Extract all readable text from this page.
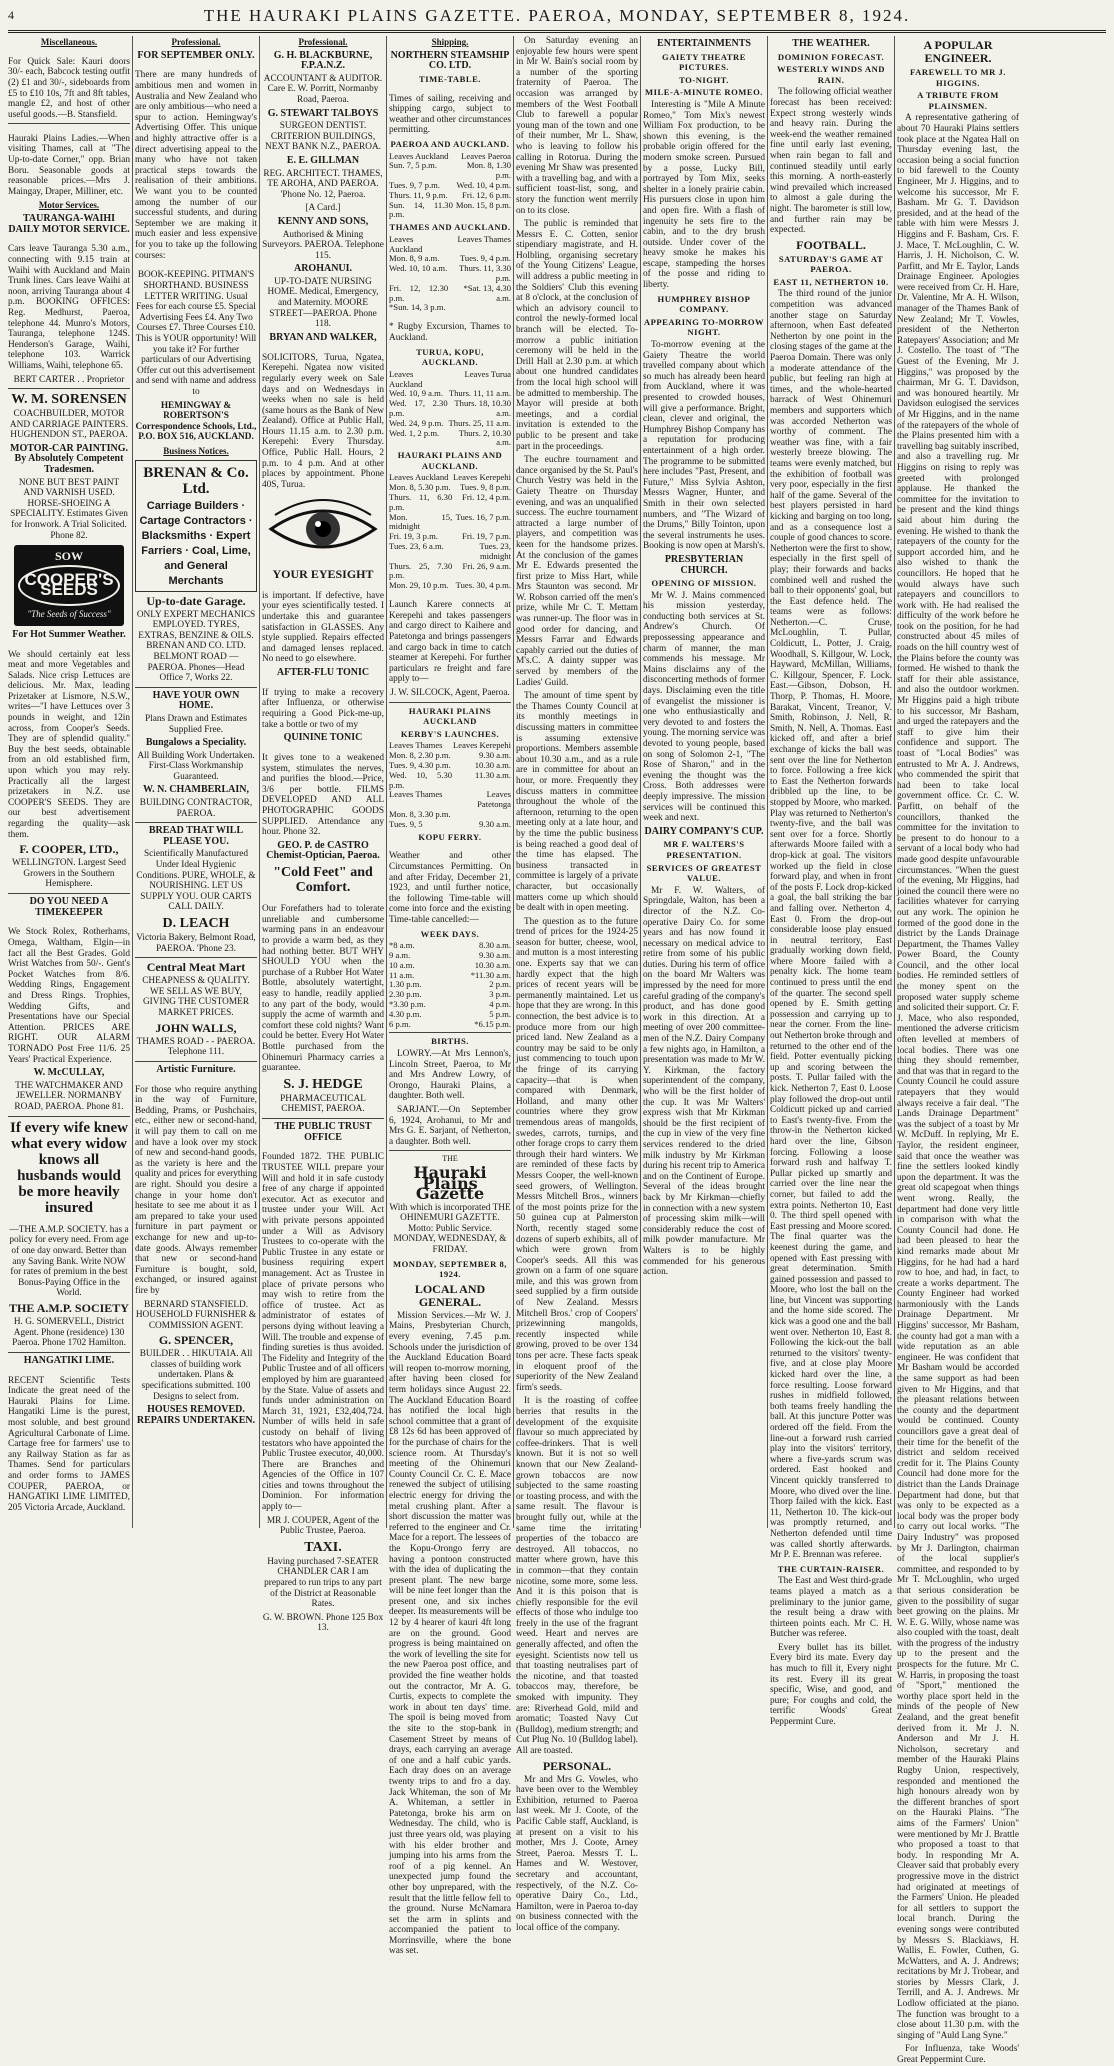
4	THE HAURAKI PLAINS GAZETTE. PAEROA, MONDAY, SEPTEMBER 8, 1924.
Miscellaneous.

For Quick Sale: Kauri doors 30/- each, Babcock testing outfit (2) £1 and 30/-, sideboards from £5 to £10 10s, 7ft and 8ft tables, mangle £2, and host of other useful goods.—B. Stansfield.

Hauraki Plains Ladies.—When visiting Thames, call at "The Up-to-date Corner," opp. Brian Boru. Seasonable goods at reasonable prices.—Mrs J. Maingay, Draper, Milliner, etc.

Motor Services.
TAURANGA-WAIHI DAILY MOTOR SERVICE.

Cars leave Tauranga 5.30 a.m., connecting with 9.15 train at Waihi with Auckland and Main Trunk lines. Cars leave Waihi at noon, arriving Tauranga about 4 p.m. BOOKING OFFICES: Reg. Medhurst, Paeroa, telephone 44. Munro's Motors, Tauranga, telephone 124S. Henderson's Garage, Waihi, telephone 103. Warrick Williams, Waihi, telephone 65.

BERT CARTER . . Proprietor
W. M. SORENSEN
COACHBUILDER, MOTOR AND CARRIAGE PAINTERS. HUGHENDON ST., PAEROA.
MOTOR-CAR PAINTING. By Absolutely Competent Tradesmen.
NONE BUT BEST PAINT AND VARNISH USED. HORSE-SHOEING A SPECIALITY. Estimates Given for Ironwork. A Trial Solicited. Phone 82.
SOW
COOPER'S SEEDS
"The Seeds of Success"
For Hot Summer Weather.

We should certainly eat less meat and more Vegetables and Salads. Nice crisp Lettuces are delicious. Mr. Max, leading Prizetaker at Lismore, N.S.W., writes—"I have Lettuces over 3 pounds in weight, and 12in across, from Cooper's Seeds. They are of splendid quality." Buy the best seeds, obtainable from an old established firm, upon which you may rely. Practically all the largest prizetakers in N.Z. use COOPER'S SEEDS. They are our best advertisement regarding the quality—ask them.

F. COOPER, LTD.,
WELLINGTON. Largest Seed Growers in the Southern Hemisphere.
DO YOU NEED A TIMEKEEPER

We Stock Rolex, Rotherhams, Omega, Waltham, Elgin—in fact all the Best Grades. Gold Wrist Watches from 50/-. Gent's Pocket Watches from 8/6. Wedding Rings, Engagement and Dress Rings. Trophies, Wedding Gifts, and Presentations have our Special Attention. PRICES ARE RIGHT. OUR ALARM TORNADO Post Free 11/6. 25 Years' Practical Experience.

W. McCULLAY,
THE WATCHMAKER AND JEWELLER. NORMANBY ROAD, PAEROA. Phone 81.
If every wife knew what every widow knows all husbands would be more heavily insured

—THE A.M.P. SOCIETY. has a policy for every need. From age of one day onward. Better than any Saving Bank. Write NOW for rates of premium in the best Bonus-Paying Office in the World.

THE A.M.P. SOCIETY
H. G. SOMERVELL, District Agent. Phone (residence) 130 Paeroa. Phone 1702 Hamilton.
HANGATIKI LIME.

RECENT Scientific Tests Indicate the great need of the Hauraki Plains for Lime. Hangatiki Lime is the purest, most soluble, and best ground Agricultural Carbonate of Lime. Cartage free for farmers' use to any Railway Station as far as Thames. Send for particulars and order forms to JAMES COUPER, PAEROA, or HANGATIKI LIME LIMITED, 205 Victoria Arcade, Auckland.

Professional.
FOR SEPTEMBER ONLY.

There are many hundreds of ambitious men and women in Australia and New Zealand who are only ambitious—who need a spur to action. Hemingway's Advertising Offer. This unique and highly attractive offer is a direct advertising appeal to the many who have not taken practical steps towards the realisation of their ambitions. We want you to be counted among the number of our successful students, and during September we are making it much easier and less expensive for you to take up the following courses:

BOOK-KEEPING. PITMAN'S SHORTHAND. BUSINESS LETTER WRITING. Usual Fees for each course £5. Special Advertising Fees £4. Any Two Courses £7. Three Courses £10. This is YOUR opportunity! Will you take it? For further particulars of our Advertising Offer cut out this advertisement and send with name and address to

HEMINGWAY & ROBERTSON'S Correspondence Schools, Ltd., P.O. BOX 516, AUCKLAND.
Business Notices.
BRENAN & Co. Ltd.
Carriage Builders · Cartage Contractors · Blacksmiths · Expert Farriers · Coal, Lime, and General Merchants
Up-to-date Garage.
ONLY EXPERT MECHANICS EMPLOYED. TYRES, EXTRAS, BENZINE & OILS. BRENAN AND CO. LTD. BELMONT ROAD — PAEROA. Phones—Head Office 7, Works 22.
HAVE YOUR OWN HOME.
Plans Drawn and Estimates Supplied Free.
Bungalows a Speciality.
All Building Work Undertaken. First-Class Workmanship Guaranteed.
W. N. CHAMBERLAIN,
BUILDING CONTRACTOR, PAEROA.
BREAD THAT WILL PLEASE YOU.
Scientifically Manufactured Under Ideal Hygienic Conditions. PURE, WHOLE, & NOURISHING. LET US SUPPLY YOU. OUR CARTS CALL DAILY.
D. LEACH
Victoria Bakery, Belmont Road, PAEROA. 'Phone 23.
Central Meat Mart
CHEAPNESS & QUALITY. WE SELL AS WE BUY, GIVING THE CUSTOMER MARKET PRICES.
JOHN WALLS,
THAMES ROAD - - PAEROA. Telephone 111.
Artistic Furniture.

For those who require anything in the way of Furniture, Bedding, Prams, or Pushchairs, etc., either new or second-hand, it will pay them to call on me and have a look over my stock of new and second-hand goods, as the variety is here and the quality and prices for everything are right. Should you desire a change in your home don't hesitate to see me about it as I am prepared to take your used furniture in part payment or exchange for new and up-to-date goods. Always remember that new or second-hand Furniture is bought, sold, exchanged, or insured against fire by

BERNARD STANSFIELD. HOUSEHOLD FURNISHER & COMMISSION AGENT.
G. SPENCER,
BUILDER . . HIKUTAIA. All classes of building work undertaken. Plans & specifications submitted. 100 Designs to select from.
HOUSES REMOVED. REPAIRS UNDERTAKEN.
Professional.
G. H. BLACKBURNE, F.P.A.N.Z.
ACCOUNTANT & AUDITOR. Care E. W. Porritt, Normanby Road, Paeroa.
G. STEWART TALBOYS
SURGEON DENTIST. CRITERION BUILDINGS, NEXT BANK N.Z., PAEROA.
E. E. GILLMAN
REG. ARCHITECT. THAMES, TE AROHA, AND PAEROA. 'Phone No. 12, Paeroa.
[A Card.]
KENNY AND SONS,
Authorised & Mining Surveyors. PAEROA. Telephone 115.
AROHANUI.
UP-TO-DATE NURSING HOME. Medical, Emergency, and Maternity. MOORE STREET—PAEROA. Phone 118.
BRYAN AND WALKER,

SOLICITORS, Turua, Ngatea, Kerepehi. Ngatea now visited regularly every week on Sale days and on Wednesdays in weeks when no sale is held (same hours as the Bank of New Zealand). Office at Public Hall, Hours 11.15 a.m. to 2.30 p.m. Kerepehi: Every Thursday. Office, Public Hall. Hours, 2 p.m. to 4 p.m. And at other places by appointment. Phone 40S, Turua.

YOUR EYESIGHT

is important. If defective, have your eyes scientifically tested. I undertake this and guarantee satisfaction in GLASSES. Any style supplied. Repairs effected and damaged lenses replaced. No need to go elsewhere.

AFTER-FLU TONIC

If trying to make a recovery after Influenza, or otherwise requiring a Good Pick-me-up, take a bottle or two of my

QUININE TONIC

It gives tone to a weakened system, stimulates the nerves, and purifies the blood.—Price, 3/6 per bottle. FILMS DEVELOPED AND ALL PHOTOGRAPHIC GOODS SUPPLIED. Attendance any hour. Phone 32.

GEO. P. de CASTRO Chemist-Optician, Paeroa.
"Cold Feet" and Comfort.

Our Forefathers had to tolerate unreliable and cumbersome warming pans in an endeavour to provide a warm bed, as they had nothing better. BUT WHY SHOULD YOU when the purchase of a Rubber Hot Water Bottle, absolutely watertight, easy to handle, readily applied to any part of the body, would supply the acme of warmth and comfort these cold nights? Want could be better. Every Hot Water Bottle purchased from the Ohinemuri Pharmacy carries a guarantee.

S. J. HEDGE
PHARMACEUTICAL CHEMIST, PAEROA.
THE PUBLIC TRUST OFFICE

Founded 1872. THE PUBLIC TRUSTEE WILL prepare your Will and hold it in safe custody free of any charge if appointed executor. Act as executor and trustee under your Will. Act with private persons appointed under a Will as Advisory Trustees to co-operate with the Public Trustee in any estate or business requiring expert management. Act as Trustee in place of private persons who may wish to retire from the office of trustee. Act as administrator of estates of persons dying without leaving a Will. The trouble and expense of finding sureties is thus avoided. The Fidelity and Integrity of the Public Trustee and of all officers employed by him are guaranteed by the State. Value of assets and funds under administration on March 31, 1921, £32,404,724. Number of wills held in safe custody on behalf of living testators who have appointed the Public Trustee executor, 40,000. There are Branches and Agencies of the Office in 107 cities and towns throughout the Dominion. For information apply to—

MR J. COUPER, Agent of the Public Trustee, Paeroa.
TAXI.
Having purchased 7-SEATER CHANDLER CAR I am prepared to run trips to any part of the District at Reasonable Rates.
G. W. BROWN. Phone 125 Box 13.
Shipping.
NORTHERN STEAMSHIP CO. LTD.
TIME-TABLE.

Times of sailing, receiving and shipping cargo, subject to weather and other circumstances permitting.

PAEROA AND AUCKLAND.
Leaves Auckland	Leaves Paeroa
Sun. 7, 5 p.m.	Mon. 8, 1.30 p.m.
Tues. 9, 7 p.m.	Wed. 10, 4 p.m.
Thurs. 11, 9 p.m.	Fri. 12, 6 p.m.
Sun. 14, 11.30 p.m.	Mon. 15, 8 p.m.
THAMES AND AUCKLAND.
Leaves Auckland	Leaves Thames
Mon. 8, 9 a.m.	Tues. 9, 4 p.m.
Wed. 10, 10 a.m.	Thurs. 11, 3.30 p.m.
Fri. 12, 12.30 p.m.	*Sat. 13, 4.30 a.m.
*Sun. 14, 3 p.m.	

* Rugby Excursion, Thames to Auckland.

TURUA, KOPU, AUCKLAND.
Leaves Auckland	Leaves Turua
Wed. 10, 9 a.m.	Thurs. 11, 11 a.m.
Wed. 17, 2.30 p.m.	Thurs. 18, 10.30 a.m.
Wed. 24, 9 p.m.	Thurs. 25, 11 a.m.
Wed. 1, 2 p.m.	Thurs. 2, 10.30 a.m.
HAURAKI PLAINS AND AUCKLAND.
Leaves Auckland	Leaves Kerepehi
Mon. 8, 5.30 p.m.	Tues. 9, 8 p.m.
Thurs. 11, 6.30 p.m.	Fri. 12, 4 p.m.
Mon. 15, midnight	Tues. 16, 7 p.m.
Fri. 19, 3 p.m.	Fri. 19, 7 p.m.
Tues. 23, 6 a.m.	Tues. 23, midnight
Thurs. 25, 7.30 p.m.	Fri. 26, 9 a.m.
Mon. 29, 10 p.m.	Tues. 30, 4 p.m.

Launch Karere connects at Kerepehi and takes passengers and cargo direct to Kaihere and Patetonga and brings passengers and cargo back in time to catch steamer at Kerepehi. For further particulars re freight and fare apply to—

J. W. SILCOCK, Agent, Paeroa.
HAURAKI PLAINS AUCKLAND
KERBY'S LAUNCHES.
Leaves Thames	Leaves Kerepehi
Mon. 8, 2.30 p.m.	9.30 a.m.
Tues. 9, 4.30 p.m.	10.30 a.m.
Wed. 10, 5.30 p.m.	11.30 a.m.
Leaves Thames	Leaves Patetonga
Mon. 8, 3.30 p.m.	
Tues. 9, 5	9.30 a.m.
KOPU FERRY.

Weather and other Circumstances Permitting. On and after Friday, December 21, 1923, and until further notice, the following Time-table will come into force and the existing Time-table cancelled:—

WEEK DAYS.
*8 a.m.	8.30 a.m.
9 a.m.	9.30 a.m.
10 a.m.	10.30 a.m.
11 a.m.	*11.30 a.m.
1.30 p.m.	2 p.m.
2.30 p.m.	3 p.m.
*3.30 p.m.	4 p.m.
4.30 p.m.	5 p.m.
6 p.m.	*6.15 p.m.
BIRTHS.

LOWRY.—At Mrs Lennon's, Lincoln Street, Paeroa, to Mr and Mrs Andrew Lowry, of Orongo, Hauraki Plains, a daughter. Both well.

SARJANT.—On September 6, 1924, Arohanui, to Mr and Mrs G. E. Sarjant, of Netherton, a daughter. Both well.

THE
Hauraki Plains Gazette
With which is incorporated THE OHINEMURI GAZETTE. Motto: Public Service. MONDAY, WEDNESDAY, & FRIDAY.
MONDAY, SEPTEMBER 8, 1924.
LOCAL AND GENERAL.

Mission Services.—Mr W. J. Mains, Presbyterian Church, every evening, 7.45 p.m. Schools under the jurisdiction of the Auckland Education Board will reopen to-morrow morning, after having been closed for term holidays since August 22. The Auckland Education Board has notified the local high school committee that a grant of £8 12s 6d has been approved of for the purchase of chairs for the science room. At Thursday's meeting of the Ohinemuri County Council Cr. C. E. Mace renewed the subject of utilising electric energy for driving the metal crushing plant. After a short discussion the matter was referred to the engineer and Cr. Mace for a report. The lessees of the Kopu-Orongo ferry are having a pontoon constructed with the idea of duplicating the present plant. The new barge will be nine feet longer than the present one, and six inches deeper. Its measurements will be 12 by 4 hearer of kauri 4ft long are on the ground. Good progress is being maintained on the work of levelling the site for the new Paeroa post office, and provided the fine weather holds out the contractor, Mr A. G. Curtis, expects to complete the work in about ten days' time. The spoil is being moved from the site to the stop-bank in Casement Street by means of drays, each carrying an average of one and a half cubic yards. Each dray does on an average twenty trips to and fro a day. Jack Whiteman, the son of Mr A. Whiteman, a settler in Patetonga, broke his arm on Wednesday. The child, who is just three years old, was playing with his elder brother and jumping into his arms from the roof of a pig kennel. An unexpected jump found the other boy unprepared, with the result that the little fellow fell to the ground. Nurse McNamara set the arm in splints and accompanied the patient to Morrinsville, where the bone was set.

On Saturday evening an enjoyable few hours were spent in Mr W. Bain's social room by a number of the sporting fraternity of Paeroa. The occasion was arranged by members of the West Football Club to farewell a popular young man of the town and one of their number, Mr L. Shaw, who is leaving to follow his calling in Rotorua. During the evening Mr Shaw was presented with a travelling bag, and with a sufficient toast-list, song, and story the function went merrily on to its close.

The public is reminded that Messrs E. C. Cotten, senior stipendiary magistrate, and H. Holbling, organising secretary of the Young Citizens' League, will address a public meeting in the Soldiers' Club this evening at 8 o'clock, at the conclusion of which an advisory council to control the newly-formed local branch will be elected. To-morrow a public initiation ceremony will be held in the Drill Hall at 2.30 p.m. at which about one hundred candidates from the local high school will be admitted to membership. The Mayor will preside at both meetings, and a cordial invitation is extended to the public to be present and take part in the proceedings.

The euchre tournament and dance organised by the St. Paul's Church Vestry was held in the Gaiety Theatre on Thursday evening, and was an unqualified success. The euchre tournament attracted a large number of players, and competition was keen for the handsome prizes. At the conclusion of the games Mr E. Edwards presented the first prize to Miss Hart, while Mrs Staunton was second. Mr W. Robson carried off the men's prize, while Mr C. T. Mettam was runner-up. The floor was in good order for dancing, and Messrs Farrar and Edwards capably carried out the duties of M's.C. A dainty supper was served by members of the Ladies' Guild.

The amount of time spent by the Thames County Council at its monthly meetings in discussing matters in committee is assuming extensive proportions. Members assemble about 10.30 a.m., and as a rule are in committee for about an hour, or more. Frequently they discuss matters in committee throughout the whole of the afternoon, returning to the open meeting only at a late hour, and by the time the public business is being reached a good deal of the time has elapsed. The business transacted in committee is largely of a private character, but occasionally matters come up which should be dealt with in open meeting.

The question as to the future trend of prices for the 1924-25 season for butter, cheese, wool, and mutton is a most interesting one. Experts say that we can hardly expect that the high prices of recent years will be permanently maintained. Let us hope that they are wrong. In this connection, the best advice is to produce more from our high priced land. New Zealand as a country may be said to be only just commencing to touch upon the fringe of its carrying capacity—that is when compared with Denmark, Holland, and many other countries where they grow tremendous areas of mangolds, swedes, carrots, turnips, and other forage crops to carry them through their hard winters. We are reminded of these facts by Messrs Cooper, the well-known seed growers, of Wellington. Messrs Mitchell Bros., winners of the most points prize for the 50 guinea cup at Palmerston North, recently staged some dozens of superb exhibits, all of which were grown from Cooper's seeds. All this was grown on a farm of one square mile, and this was grown from seed supplied by a firm outside of New Zealand. Messrs Mitchell Bros.' crop of Coopers' prizewinning mangolds, recently inspected while growing, proved to be over 134 tons per acre. These facts speak in eloquent proof of the superiority of the New Zealand firm's seeds.

It is the roasting of coffee berries that results in the development of the exquisite flavour so much appreciated by coffee-drinkers. That is well known. But it is not so well known that our New Zealand-grown tobaccos are now subjected to the same roasting or toasting process, and with the same result. The flavour is brought fully out, while at the same time the irritating properties of the tobacco are destroyed. All tobaccos, no matter where grown, have this in common—that they contain nicotine, some more, some less. And it is this poison that is chiefly responsible for the evil effects of those who indulge too freely in the use of the fragrant weed. Heart and nerves are generally affected, and often the eyesight. Scientists now tell us that toasting neutralises part of the nicotine, and that toasted tobaccos may, therefore, be smoked with impunity. They are: Riverhead Gold, mild and aromatic; Toasted Navy Cut (Bulldog), medium strength; and Cut Plug No. 10 (Bulldog label). All are toasted.

PERSONAL.

Mr and Mrs G. Vowles, who have been over to the Wembley Exhibition, returned to Paeroa last week. Mr J. Coote, of the Pacific Cable staff, Auckland, is at present on a visit to his mother, Mrs J. Coote, Arney Street, Paeroa. Messrs T. L. Hames and W. Westover, secretary and accountant, respectively, of the N.Z. Co-operative Dairy Co., Ltd., Hamilton, were in Paeroa to-day on business connected with the local office of the company.

ENTERTAINMENTS
GAIETY THEATRE PICTURES.
TO-NIGHT.
MILE-A-MINUTE ROMEO.

Interesting is "Mile A Minute Romeo," Tom Mix's newest William Fox production, to be shown this evening, is the probable origin offered for the modern smoke screen. Pursued by a posse, Lucky Bill, portrayed by Tom Mix, seeks shelter in a lonely prairie cabin. His pursuers close in upon him and open fire. With a flash of ingenuity he sets fire to the cabin, and to the dry brush outside. Under cover of the heavy smoke he makes his escape, stampeding the horses of the posse and riding to liberty.

HUMPHREY BISHOP COMPANY.
APPEARING TO-MORROW NIGHT.

To-morrow evening at the Gaiety Theatre the world travelled company about which so much has already been heard from Auckland, where it was presented to crowded houses, will give a performance. Bright, clean, clever and original, the Humphrey Bishop Company has a reputation for producing entertainment of a high order. The programme to be submitted here includes "Past, Present, and Future," Miss Sylvia Ashton, Messrs Wagner, Hunter, and Smith in their own selected numbers, and "The Wizard of the Drums," Billy Tointon, upon the several instruments he uses. Booking is now open at Marsh's.

PRESBYTERIAN CHURCH.
OPENING OF MISSION.

Mr W. J. Mains commenced his mission yesterday, conducting both services at St. Andrew's Church. Of prepossessing appearance and charm of manner, the man commends his message. Mr Mains disclaims any of the disconcerting methods of former days. Disclaiming even the title of evangelist the missioner is one who enthusiastically and very devoted to and fosters the young. The morning service was devoted to young people, based on song of Solomon 2-1, "The Rose of Sharon," and in the evening the thought was the Cross. Both addresses were deeply impressive. The mission services will be continued this week and next.

DAIRY COMPANY'S CUP.
MR F. WALTERS'S PRESENTATION.
SERVICES OF GREATEST VALUE.

Mr F. W. Walters, of Springdale, Walton, has been a director of the N.Z. Co-operative Dairy Co. for some years and has now found it necessary on medical advice to retire from some of his public duties. During his term of office on the board Mr Walters was impressed by the need for more careful grading of the company's product, and has done good work in this direction. At a meeting of over 200 committee-men of the N.Z. Dairy Company a few nights ago, in Hamilton, a presentation was made to Mr W. Y. Kirkman, the factory superintendent of the company, who will be the first holder of the cup. It was Mr Walters' express wish that Mr Kirkman should be the first recipient of the cup in view of the very fine services rendered to the dried milk industry by Mr Kirkman during his recent trip to America and on the Continent of Europe. Several of the ideas brought back by Mr Kirkman—chiefly in connection with a new system of processing skim milk—will considerably reduce the cost of milk powder manufacture. Mr Walters is to be highly commended for his generous action.

THE WEATHER.
DOMINION FORECAST.
WESTERLY WINDS AND RAIN.

The following official weather forecast has been received: Expect strong westerly winds and heavy rain. During the week-end the weather remained fine until early last evening, when rain began to fall and continued steadily until early this morning. A north-easterly wind prevailed which increased to almost a gale during the night. The barometer is still low, and further rain may be expected.

FOOTBALL.
SATURDAY'S GAME AT PAEROA.
EAST 11, NETHERTON 10.

The third round of the junior competition was advanced another stage on Saturday afternoon, when East defeated Netherton by one point in the closing stages of the game at the Paeroa Domain. There was only a moderate attendance of the public, but feeling ran high at times, and the whole-hearted barrack of West Ohinemuri members and supporters which was accorded Netherton was worthy of comment. The weather was fine, with a fair westerly breeze blowing. The teams were evenly matched, but the exhibition of football was very poor, especially in the first half of the game. Several of the best players persisted in hard kicking and barging on too long, and as a consequence lost a couple of good chances to score. Netherton were the first to show, especially in the first spell of play; their forwards and backs combined well and rushed the ball to their opponents' goal, but the East defence held. The teams were as follows: Netherton.—C. Cruse, McLoughlin, T. Pullar, Coldicutt, L. Potter, J. Craig, Woodhall, S. Killgour, W. Lock, Hayward, McMillan, Williams, C. Killgour, Spencer, F. Lock. East.—Gibson, Dobson, H. Thorp, P. Thomas, H. Moore, Barakat, Vincent, Treanor, V. Smith, Robinson, J. Nell, R. Smith, N. Nell, A. Thomas. East kicked off, and after a brief exchange of kicks the ball was sent over the line for Netherton to force. Following a free kick to East the Netherton forwards dribbled up the line, to be stopped by Moore, who marked. Play was returned to Netherton's twenty-five, and the ball was sent over for a force. Shortly afterwards Moore failed with a drop-kick at goal. The visitors worked up the field in close forward play, and when in front of the posts F. Lock drop-kicked a goal, the ball striking the bar and falling over. Netherton 4, East 0. From the drop-out considerable loose play ensued in neutral territory, East gradually working down field, where Moore failed with a penalty kick. The home team continued to press until the end of the quarter. The second spell opened by E. Smith getting possession and carrying up to near the corner. From the line-out Netherton broke through and returned to the other end of the field. Potter eventually picking up and scoring between the posts. T. Pullar failed with the kick. Netherton 7, East 0. Loose play followed the drop-out until Coldicutt picked up and carried to East's twenty-five. From the throw-in the Netherton kicked hard over the line, Gibson forcing. Following a loose forward rush and halfway T. Pullar picked up smartly and carried over the line near the corner, but failed to add the extra points. Netherton 10, East 0. The third spell opened with East pressing and Moore scored. The final quarter was the keenest during the game, and opened with East pressing with great determination. Smith gained possession and passed to Moore, who lost the ball on the line, but Vincent was supporting and the home side scored. The kick was a good one and the ball went over. Netherton 10, East 8. Following the kick-out the ball returned to the visitors' twenty-five, and at close play Moore kicked hard over the line, a force resulting. Loose forward rushes in midfield followed, both teams freely handling the ball. At this juncture Potter was ordered off the field. From the line-out a forward rush carried play into the visitors' territory, where a five-yards scrum was ordered. East hooked and Vincent quickly transferred to Moore, who dived over the line. Thorp failed with the kick. East 11, Netherton 10. The kick-out was promptly returned, and Netherton defended until time was called shortly afterwards. Mr P. E. Brennan was referee.

THE CURTAIN-RAISER.

The East and West third-grade teams played a match as a preliminary to the junior game, the result being a draw with thirteen points each. Mr C. H. Butcher was referee.

Every bullet has its billet. Every bird its mate. Every day has much to fill it, Every night its rest. Every ill its great specific, Wise, and good, and pure; For coughs and cold, the terrific Woods' Great Peppermint Cure.

A POPULAR ENGINEER.
FAREWELL TO MR J. HIGGINS.
A TRIBUTE FROM PLAINSMEN.

A representative gathering of about 70 Hauraki Plains settlers took place at the Ngatea Hall on Thursday evening last, the occasion being a social function to bid farewell to the County Engineer, Mr J. Higgins, and to welcome his successor, Mr F. Basham. Mr G. T. Davidson presided, and at the head of the table with him were Messrs J. Higgins and F. Basham, Crs. F. J. Mace, T. McLoughlin, C. W. Harris, J. H. Nicholson, C. W. Parfitt, and Mr E. Taylor, Lands Drainage Engineer. Apologies were received from Cr. H. Hare, Dr. Valentine, Mr A. H. Wilson, manager of the Thames Bank of New Zealand; Mr T. Vowles, president of the Netherton Ratepayers' Association; and Mr J. Costello. The toast of "The Guest of the Evening, Mr J. Higgins," was proposed by the chairman, Mr G. T. Davidson, and was honoured heartily. Mr Davidson eulogised the services of Mr Higgins, and in the name of the ratepayers of the whole of the Plains presented him with a travelling bag suitably inscribed, and also a travelling rug. Mr Higgins on rising to reply was greeted with prolonged applause. He thanked the committee for the invitation to be present and the kind things said about him during the evening. He wished to thank the ratepayers of the county for the support accorded him, and he also wished to thank the councillors. He hoped that he would always have such ratepayers and councillors to work with. He had realised the difficulty of the work before he took on the position, for he had constructed about 45 miles of roads on the hill country west of the Plains before the county was formed. He wished to thank the staff for their able assistance, and also the outdoor workmen. Mr Higgins paid a high tribute to his successor, Mr Basham, and urged the ratepayers and the staff to give him their confidence and support. The toast of "Local Bodies" was entrusted to Mr A. J. Andrews, who commended the spirit that had been to take local government office. Cr. C. W. Parfitt, on behalf of the councillors, thanked the committee for the invitation to be present to do honour to a servant of a local body who had made good despite unfavourable circumstances. "When the guest of the evening, Mr Higgins, had joined the council there were no facilities whatever for carrying out any work. The opinion he formed of the good done in the district by the Lands Drainage Department, the Thames Valley Power Board, the County Council, and the other local bodies. He reminded settlers of the money spent on the proposed water supply scheme and solicited their support. Cr. F. J. Mace, who also responded, mentioned the adverse criticism often levelled at members of local bodies. There was one thing they should remember, and that was that in regard to the County Council he could assure ratepayers that they would always receive a fair deal. "The Lands Drainage Department" was the subject of a toast by Mr W. McDuff. In replying, Mr E. Taylor, the resident engineer, said that once the weather was fine the settlers looked kindly upon the department. It was the great old scapegoat when things went wrong. Really, the department had done very little in comparison with what the County Council had done. He had been pleased to hear the kind remarks made about Mr Higgins, for he had had a hard row to hoe, and had, in fact, to create a works department. The County Engineer had worked harmoniously with the Lands Drainage Department. Mr Higgins' successor, Mr Basham, the county had got a man with a wide reputation as an able engineer. He was confident that Mr Basham would be accorded the same support as had been given to Mr Higgins, and that the pleasant relations between the county and the department would be continued. County councillors gave a great deal of their time for the benefit of the district and seldom received credit for it. The Plains County Council had done more for the district than the Lands Drainage Department had done, but that was only to be expected as a local body was the proper body to carry out local works. "The Dairy Industry" was proposed by Mr J. Darlington, chairman of the local supplier's committee, and responded to by Mr T. McLoughlin, who urged that serious consideration be given to the possibility of sugar beet growing on the plains. Mr W. E. G. Willy, whose name was also coupled with the toast, dealt with the progress of the industry up to the present and the prospects for the future. Mr C. W. Harris, in proposing the toast of "Sport," mentioned the worthy place sport held in the minds of the people of New Zealand, and the great benefit derived from it. Mr J. N. Anderson and Mr J. H. Nicholson, secretary and member of the Hauraki Plains Rugby Union, respectively, responded and mentioned the high honours already won by the different branches of sport on the Hauraki Plains. "The aims of the Farmers' Union" were mentioned by Mr J. Brattle who proposed a toast to that body. In responding Mr A. Cleaver said that probably every progressive move in the district had originated at meetings of the Farmers' Union. He pleaded for all settlers to support the local branch. During the evening songs were contributed by Messrs S. Blackiaws, H. Wallis, E. Fowler, Cuthen, G. McWatters, and A. J. Andrews; recitations by Mr J. Trobear, and stories by Messrs Clark, J. Terrill, and A. J. Andrews. Mr Lodlow officiated at the piano. The function was brought to a close about 11.30 p.m. with the singing of "Auld Lang Syne."

For Influenza, take Woods' Great Peppermint Cure.
